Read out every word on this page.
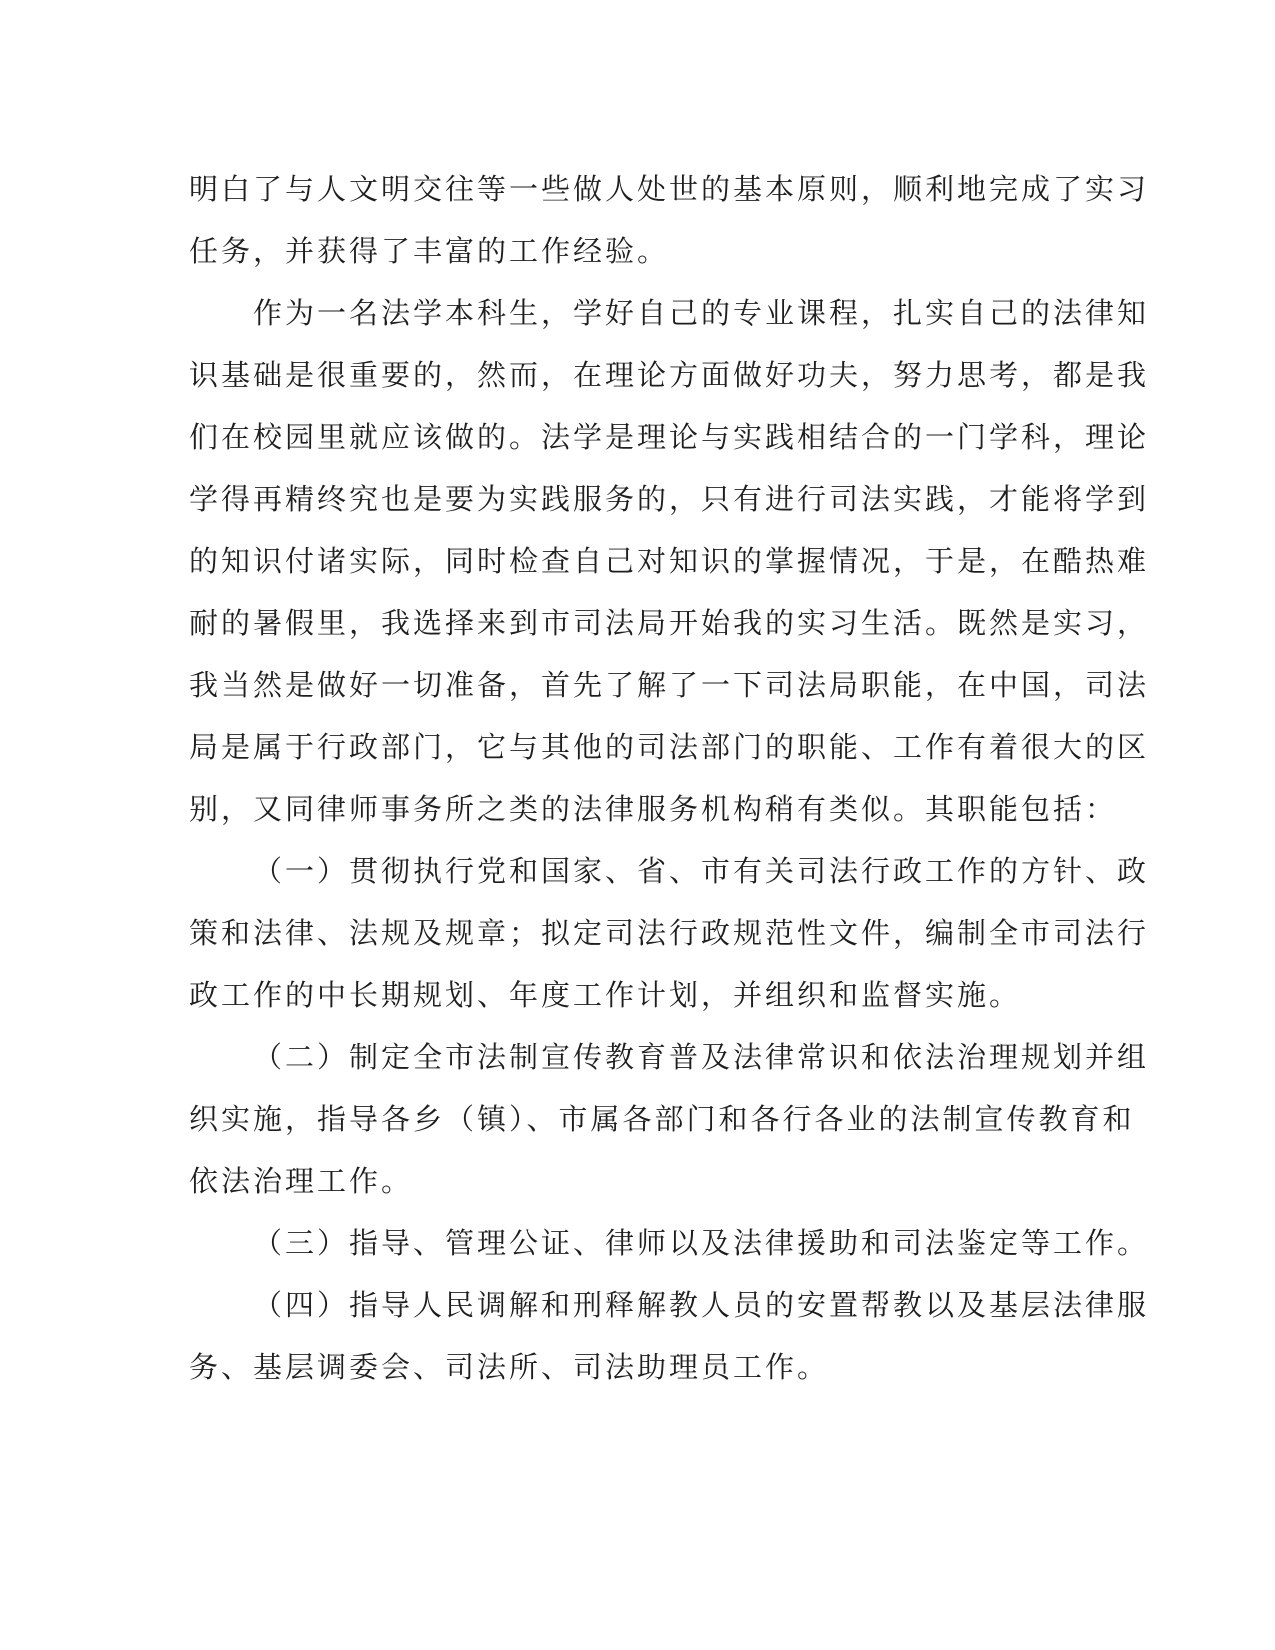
明白了与人文明交往等一些做人处世的基本原则，顺利地完成了实习
任务，并获得了丰富的工作经验。
作为一名法学本科生，学好自己的专业课程，扎实自己的法律知
识基础是很重要的，然而，在理论方面做好功夫，努力思考，都是我
们在校园里就应该做的。法学是理论与实践相结合的一门学科，理论
学得再精终究也是要为实践服务的，只有进行司法实践，才能将学到
的知识付诸实际，同时检查自己对知识的掌握情况，于是，在酷热难
耐的暑假里，我选择来到市司法局开始我的实习生活。既然是实习，
我当然是做好一切准备，首先了解了一下司法局职能，在中国，司法
局是属于行政部门，它与其他的司法部门的职能、工作有着很大的区
别，又同律师事务所之类的法律服务机构稍有类似。其职能包括：
（一）贯彻执行党和国家、省、市有关司法行政工作的方针、政
策和法律、法规及规章；拟定司法行政规范性文件，编制全市司法行
政工作的中长期规划、年度工作计划，并组织和监督实施。
（二）制定全市法制宣传教育普及法律常识和依法治理规划并组
织实施，指导各乡（镇）、市属各部门和各行各业的法制宣传教育和
依法治理工作。
（三）指导、管理公证、律师以及法律援助和司法鉴定等工作。
（四）指导人民调解和刑释解教人员的安置帮教以及基层法律服
务、基层调委会、司法所、司法助理员工作。
